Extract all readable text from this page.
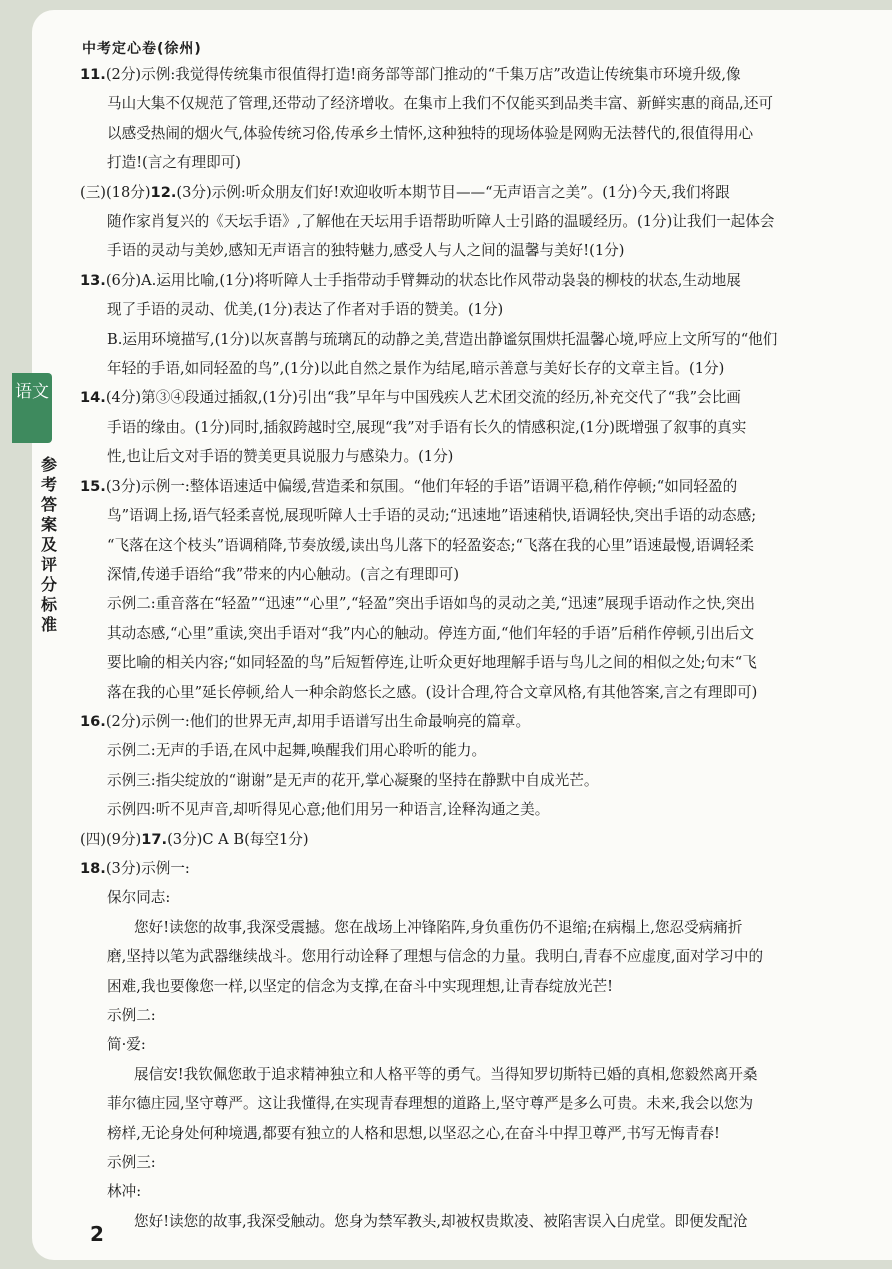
中考定心卷(徐州)

11.(2分)示例:我觉得传统集市很值得打造!商务部等部门推动的“千集万店”改造让传统集市环境升级,像

马山大集不仅规范了管理,还带动了经济增收。在集市上我们不仅能买到品类丰富、新鲜实惠的商品,还可

以感受热闹的烟火气,体验传统习俗,传承乡土情怀,这种独特的现场体验是网购无法替代的,很值得用心

打造!(言之有理即可)

(三)(18分)12.(3分)示例:听众朋友们好!欢迎收听本期节目——“无声语言之美”。(1分)今天,我们将跟

随作家肖复兴的《天坛手语》,了解他在天坛用手语帮助听障人士引路的温暖经历。(1分)让我们一起体会

手语的灵动与美妙,感知无声语言的独特魅力,感受人与人之间的温馨与美好!(1分)

13.(6分)A.运用比喻,(1分)将听障人士手指带动手臂舞动的状态比作风带动袅袅的柳枝的状态,生动地展

现了手语的灵动、优美,(1分)表达了作者对手语的赞美。(1分)

B.运用环境描写,(1分)以灰喜鹊与琉璃瓦的动静之美,营造出静谧氛围烘托温馨心境,呼应上文所写的“他们

年轻的手语,如同轻盈的鸟”,(1分)以此自然之景作为结尾,暗示善意与美好长存的文章主旨。(1分)

14.(4分)第③④段通过插叙,(1分)引出“我”早年与中国残疾人艺术团交流的经历,补充交代了“我”会比画

手语的缘由。(1分)同时,插叙跨越时空,展现“我”对手语有长久的情感积淀,(1分)既增强了叙事的真实

性,也让后文对手语的赞美更具说服力与感染力。(1分)

15.(3分)示例一:整体语速适中偏缓,营造柔和氛围。“他们年轻的手语”语调平稳,稍作停顿;“如同轻盈的

鸟”语调上扬,语气轻柔喜悦,展现听障人士手语的灵动;“迅速地”语速稍快,语调轻快,突出手语的动态感;

“飞落在这个枝头”语调稍降,节奏放缓,读出鸟儿落下的轻盈姿态;“飞落在我的心里”语速最慢,语调轻柔

深情,传递手语给“我”带来的内心触动。(言之有理即可)

示例二:重音落在“轻盈”“迅速”“心里”,“轻盈”突出手语如鸟的灵动之美,“迅速”展现手语动作之快,突出

其动态感,“心里”重读,突出手语对“我”内心的触动。停连方面,“他们年轻的手语”后稍作停顿,引出后文

要比喻的相关内容;“如同轻盈的鸟”后短暂停连,让听众更好地理解手语与鸟儿之间的相似之处;句末“飞

落在我的心里”延长停顿,给人一种余韵悠长之感。(设计合理,符合文章风格,有其他答案,言之有理即可)

16.(2分)示例一:他们的世界无声,却用手语谱写出生命最响亮的篇章。

示例二:无声的手语,在风中起舞,唤醒我们用心聆听的能力。

示例三:指尖绽放的“谢谢”是无声的花开,掌心凝聚的坚持在静默中自成光芒。

示例四:听不见声音,却听得见心意;他们用另一种语言,诠释沟通之美。

(四)(9分)17.(3分)C A B(每空1分)

18.(3分)示例一:

保尔同志:

您好!读您的故事,我深受震撼。您在战场上冲锋陷阵,身负重伤仍不退缩;在病榻上,您忍受病痛折

磨,坚持以笔为武器继续战斗。您用行动诠释了理想与信念的力量。我明白,青春不应虚度,面对学习中的

困难,我也要像您一样,以坚定的信念为支撑,在奋斗中实现理想,让青春绽放光芒!

示例二:

简·爱:

展信安!我钦佩您敢于追求精神独立和人格平等的勇气。当得知罗切斯特已婚的真相,您毅然离开桑

菲尔德庄园,坚守尊严。这让我懂得,在实现青春理想的道路上,坚守尊严是多么可贵。未来,我会以您为

榜样,无论身处何种境遇,都要有独立的人格和思想,以坚忍之心,在奋斗中捍卫尊严,书写无悔青春!

示例三:

林冲:

您好!读您的故事,我深受触动。您身为禁军教头,却被权贵欺凌、被陷害误入白虎堂。即便发配沧

2
语文
参考答案及评分标准
